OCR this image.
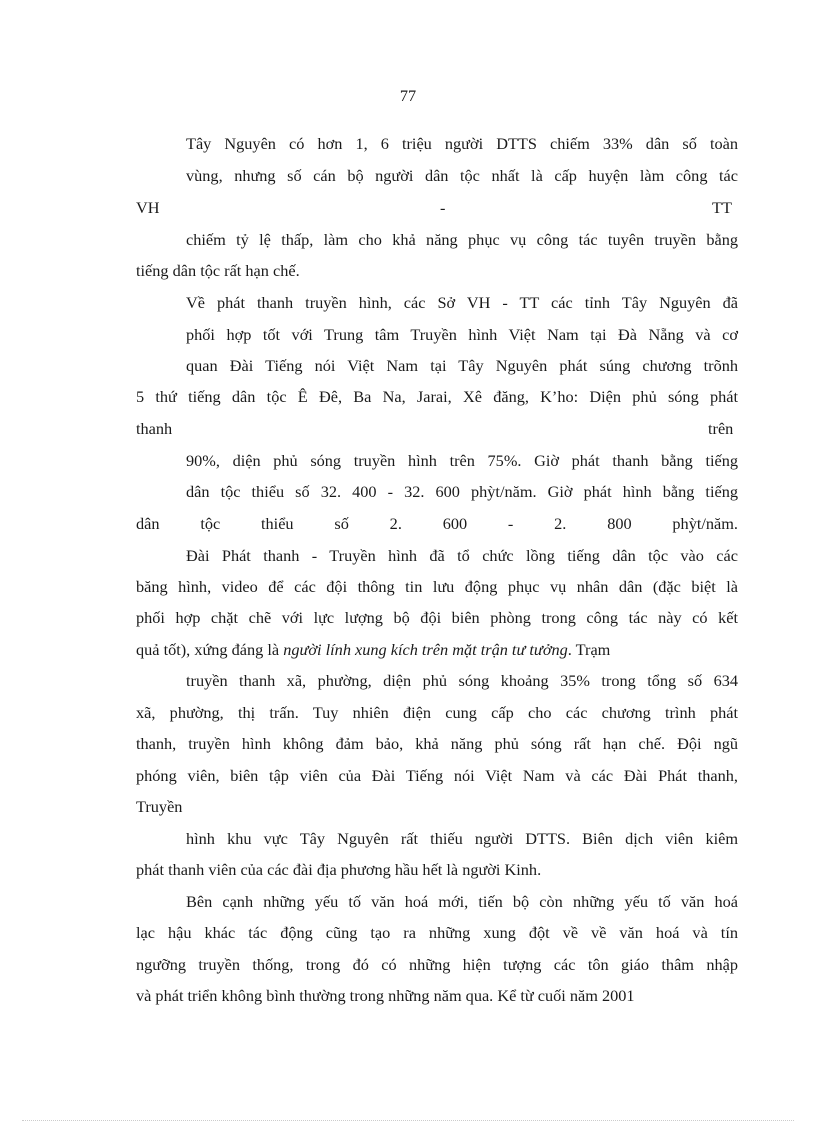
77
Tây Nguyên có hơn 1, 6 triệu người DTTS chiếm 33% dân số toàn
vùng, nhưng số cán bộ người dân tộc nhất là cấp huyện làm công tác
VH	-	TT
chiếm tỷ lệ thấp, làm cho khả năng phục vụ công tác tuyên truyền bằng
tiếng dân tộc rất hạn chế.
Về phát thanh truyền hình, các Sở VH - TT các tỉnh Tây Nguyên đã
phối hợp tốt với Trung tâm Truyền hình Việt Nam tại Đà Nẵng và cơ
quan Đài Tiếng nói Việt Nam tại Tây Nguyên phát súng chương trõnh
5 thứ tiếng dân tộc Ê Đê, Ba Na, Jarai, Xê đăng, K’ho: Diện phủ sóng phát
thanh	trên
90%, diện phủ sóng truyền hình trên 75%. Giờ phát thanh bằng tiếng
dân tộc thiểu số 32. 400 - 32. 600 phỳt/năm. Giờ phát hình bằng tiếng
dân tộc thiểu số 2. 600 - 2. 800 phỳt/năm.
Đài Phát thanh - Truyền hình đã tổ chức lồng tiếng dân tộc vào các
băng hình, video để các đội thông tin lưu động phục vụ nhân dân (đặc biệt là
phối hợp chặt chẽ với lực lượng bộ đội biên phòng trong công tác này có kết
quả tốt), xứng đáng là người lính xung kích trên mặt trận tư tưởng. Trạm
truyền thanh xã, phường, diện phủ sóng khoảng 35% trong tổng số 634
xã, phường, thị trấn. Tuy nhiên điện cung cấp cho các chương trình phát
thanh, truyền hình không đảm bảo, khả năng phủ sóng rất hạn chế. Đội ngũ
phóng viên, biên tập viên của Đài Tiếng nói Việt Nam và các Đài Phát thanh,
Truyền
hình khu vực Tây Nguyên rất thiếu người DTTS. Biên dịch viên kiêm
phát thanh viên của các đài địa phương hầu hết là người Kinh.
Bên cạnh những yếu tố văn hoá mới, tiến bộ còn những yếu tố văn hoá
lạc hậu khác tác động cũng tạo ra những xung đột về về văn hoá và tín
ngưỡng truyền thống, trong đó có những hiện tượng các tôn giáo thâm nhập
và phát triển không bình thường trong những năm qua. Kể từ cuối năm 2001
